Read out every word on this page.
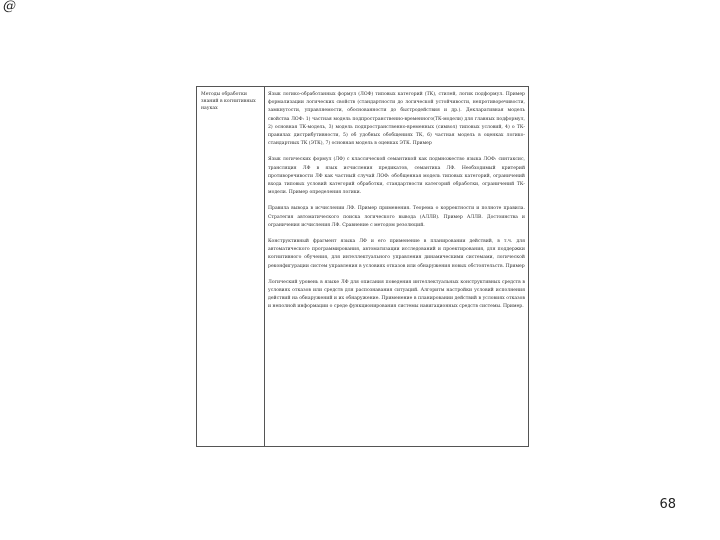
@
Методы обработки знаний в когнитивных науках

Язык логико-обработанных формул (ЛОФ) типовых категорий (ТК), стилей, логик подформул. Пример формализации логических свойств (стандартности до логической устойчивости, непротиворечивости, замкнутости, управляемости, обоснованности до быстродействия и др.). Декларативная модель свойства ЛОФ: 1) частная модель подпространственно-временного(ТК-модели) для главных подформул, 2) основная ТК-модель, 3) модель подпространственно-временных (символ) типовых условий, 4) о ТК-правилах дистрибутивности, 5) об удобных обобщениях ТК, 6) частная модель в оценках логико-стандартных ТК (ЭТК), 7) основная модель в оценках ЭТК. Пример

Язык логических формул (ЛФ) с классической семантикой как подмножество языка ЛОФ: синтаксис, трансляция ЛФ в язык исчисления предикатов, семантика ЛФ. Необходимый критерий противоречивости ЛФ как частный случай ЛОФ: обобщенная модель типовых категорий, ограничений входа типовых условий категорий обработки, стандартности категорий обработки, ограничений ТК-модели. Пример определения логики.

Правила вывода в исчислении ЛФ. Пример применения. Теорема о корректности и полноте правила. Стратегия автоматического поиска логического вывода (АЛЛВ). Пример АЛЛВ. Достоинства и ограничения исчисления ЛФ. Сравнение с методом резолюций.

Конструктивный фрагмент языка ЛФ и его применение в планировании действий, в т.ч. для автоматического программирования, автоматизации исследований и проектирования, для поддержки когнитивного обучения, для интеллектуального управления динамическими системами, логической реконфигурации систем управления в условиях отказов или обнаружения новых обстоятельств. Пример

Логический уровень в языке ЛФ для описания поведения интеллектуальных конструктивных средств в условиях отказов или средств для распознавания ситуаций. Алгоритм настройки условий исполнения действий на обнаружений и их обнаружение. Применение в планировании действий в условиях отказов и неполной информации о среде функционирования системы навигационных средств системы. Пример.

68
